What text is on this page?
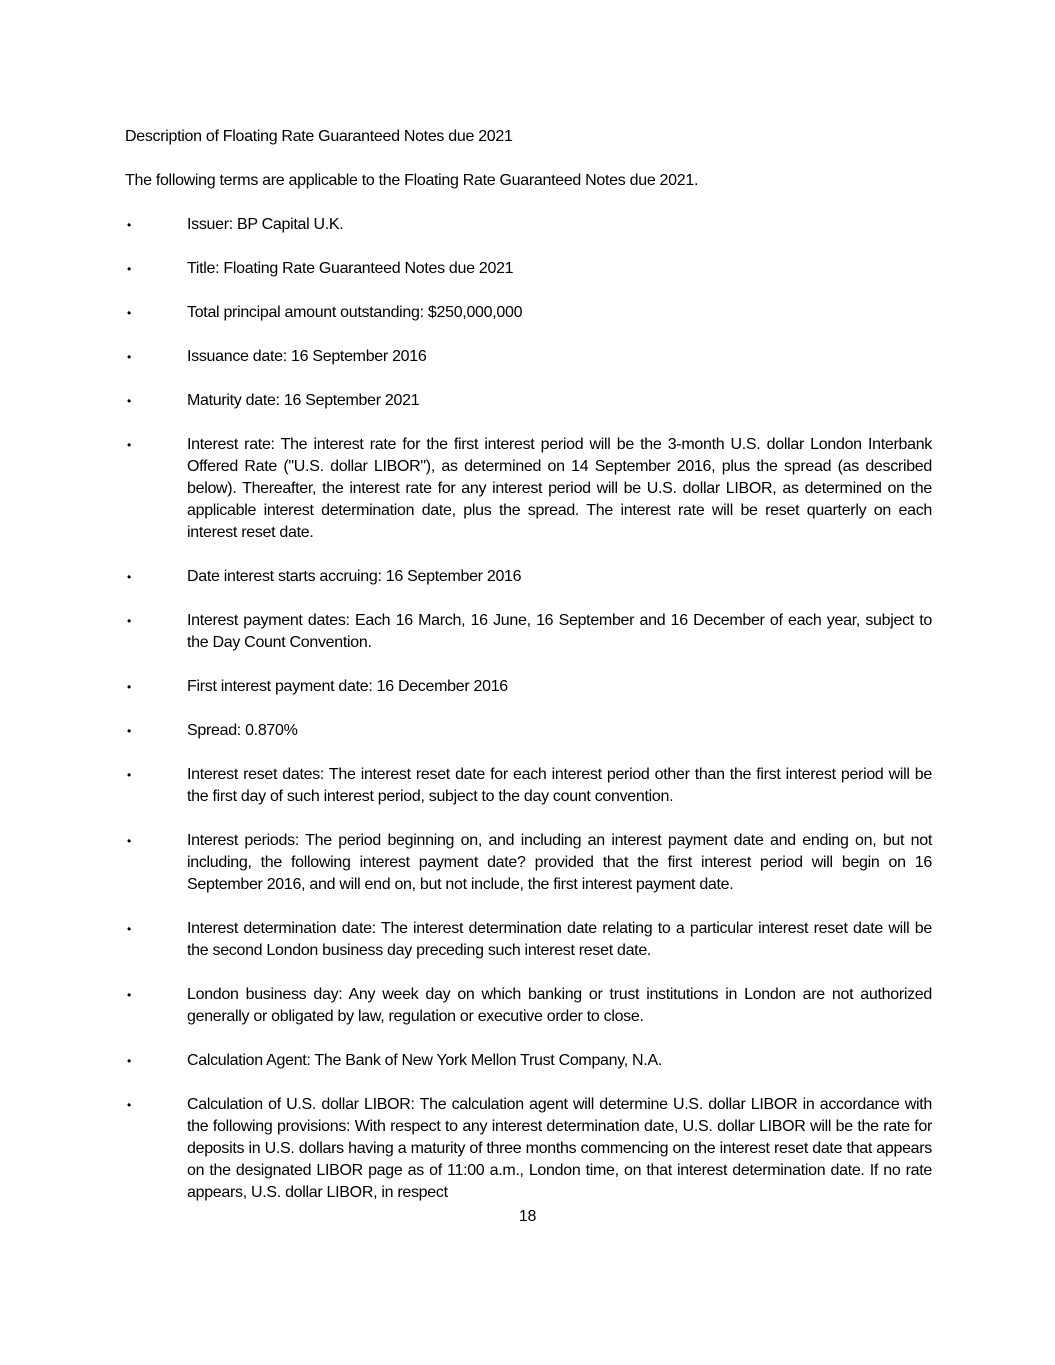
Description of Floating Rate Guaranteed Notes due 2021
The following terms are applicable to the Floating Rate Guaranteed Notes due 2021.
•	Issuer: BP Capital U.K.
•	Title: Floating Rate Guaranteed Notes due 2021
•	Total principal amount outstanding: $250,000,000
•	Issuance date: 16 September 2016
•	Maturity date: 16 September 2021
•	Interest rate: The interest rate for the first interest period will be the 3-month U.S. dollar London Interbank Offered Rate ("U.S. dollar LIBOR"), as determined on 14 September 2016, plus the spread (as described below). Thereafter, the interest rate for any interest period will be U.S. dollar LIBOR, as determined on the applicable interest determination date, plus the spread. The interest rate will be reset quarterly on each interest reset date.
•	Date interest starts accruing: 16 September 2016
•	Interest payment dates: Each 16 March, 16 June, 16 September and 16 December of each year, subject to the Day Count Convention.
•	First interest payment date: 16 December 2016
•	Spread: 0.870%
•	Interest reset dates: The interest reset date for each interest period other than the first interest period will be the first day of such interest period, subject to the day count convention.
•	Interest periods: The period beginning on, and including an interest payment date and ending on, but not including, the following interest payment date? provided that the first interest period will begin on 16 September 2016, and will end on, but not include, the first interest payment date.
•	Interest determination date: The interest determination date relating to a particular interest reset date will be the second London business day preceding such interest reset date.
•	London business day: Any week day on which banking or trust institutions in London are not authorized generally or obligated by law, regulation or executive order to close.
•	Calculation Agent: The Bank of New York Mellon Trust Company, N.A.
•	Calculation of U.S. dollar LIBOR: The calculation agent will determine U.S. dollar LIBOR in accordance with the following provisions: With respect to any interest determination date, U.S. dollar LIBOR will be the rate for deposits in U.S. dollars having a maturity of three months commencing on the interest reset date that appears on the designated LIBOR page as of 11:00 a.m., London time, on that interest determination date. If no rate appears, U.S. dollar LIBOR, in respect
18
